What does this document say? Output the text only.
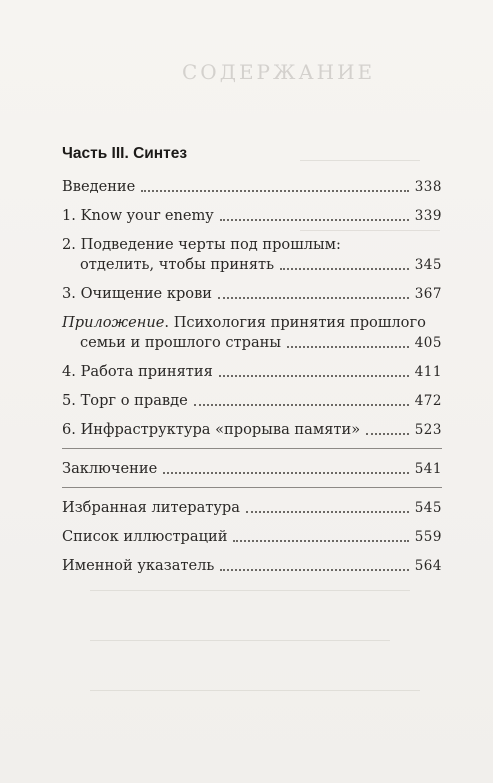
СОДЕРЖАНИЕ
Часть III. Синтез
Введение	338
1. Know your enemy	339
2. Подведение черты под прошлым:
отделить, чтобы принять	345
3. Очищение крови	367
Приложение. Психология принятия прошлого
семьи и прошлого страны	405
4. Работа принятия	411
5. Торг о правде	472
6. Инфраструктура «прорыва памяти»	523
Заключение	541
Избранная литература	545
Список иллюстраций	559
Именной указатель	564
